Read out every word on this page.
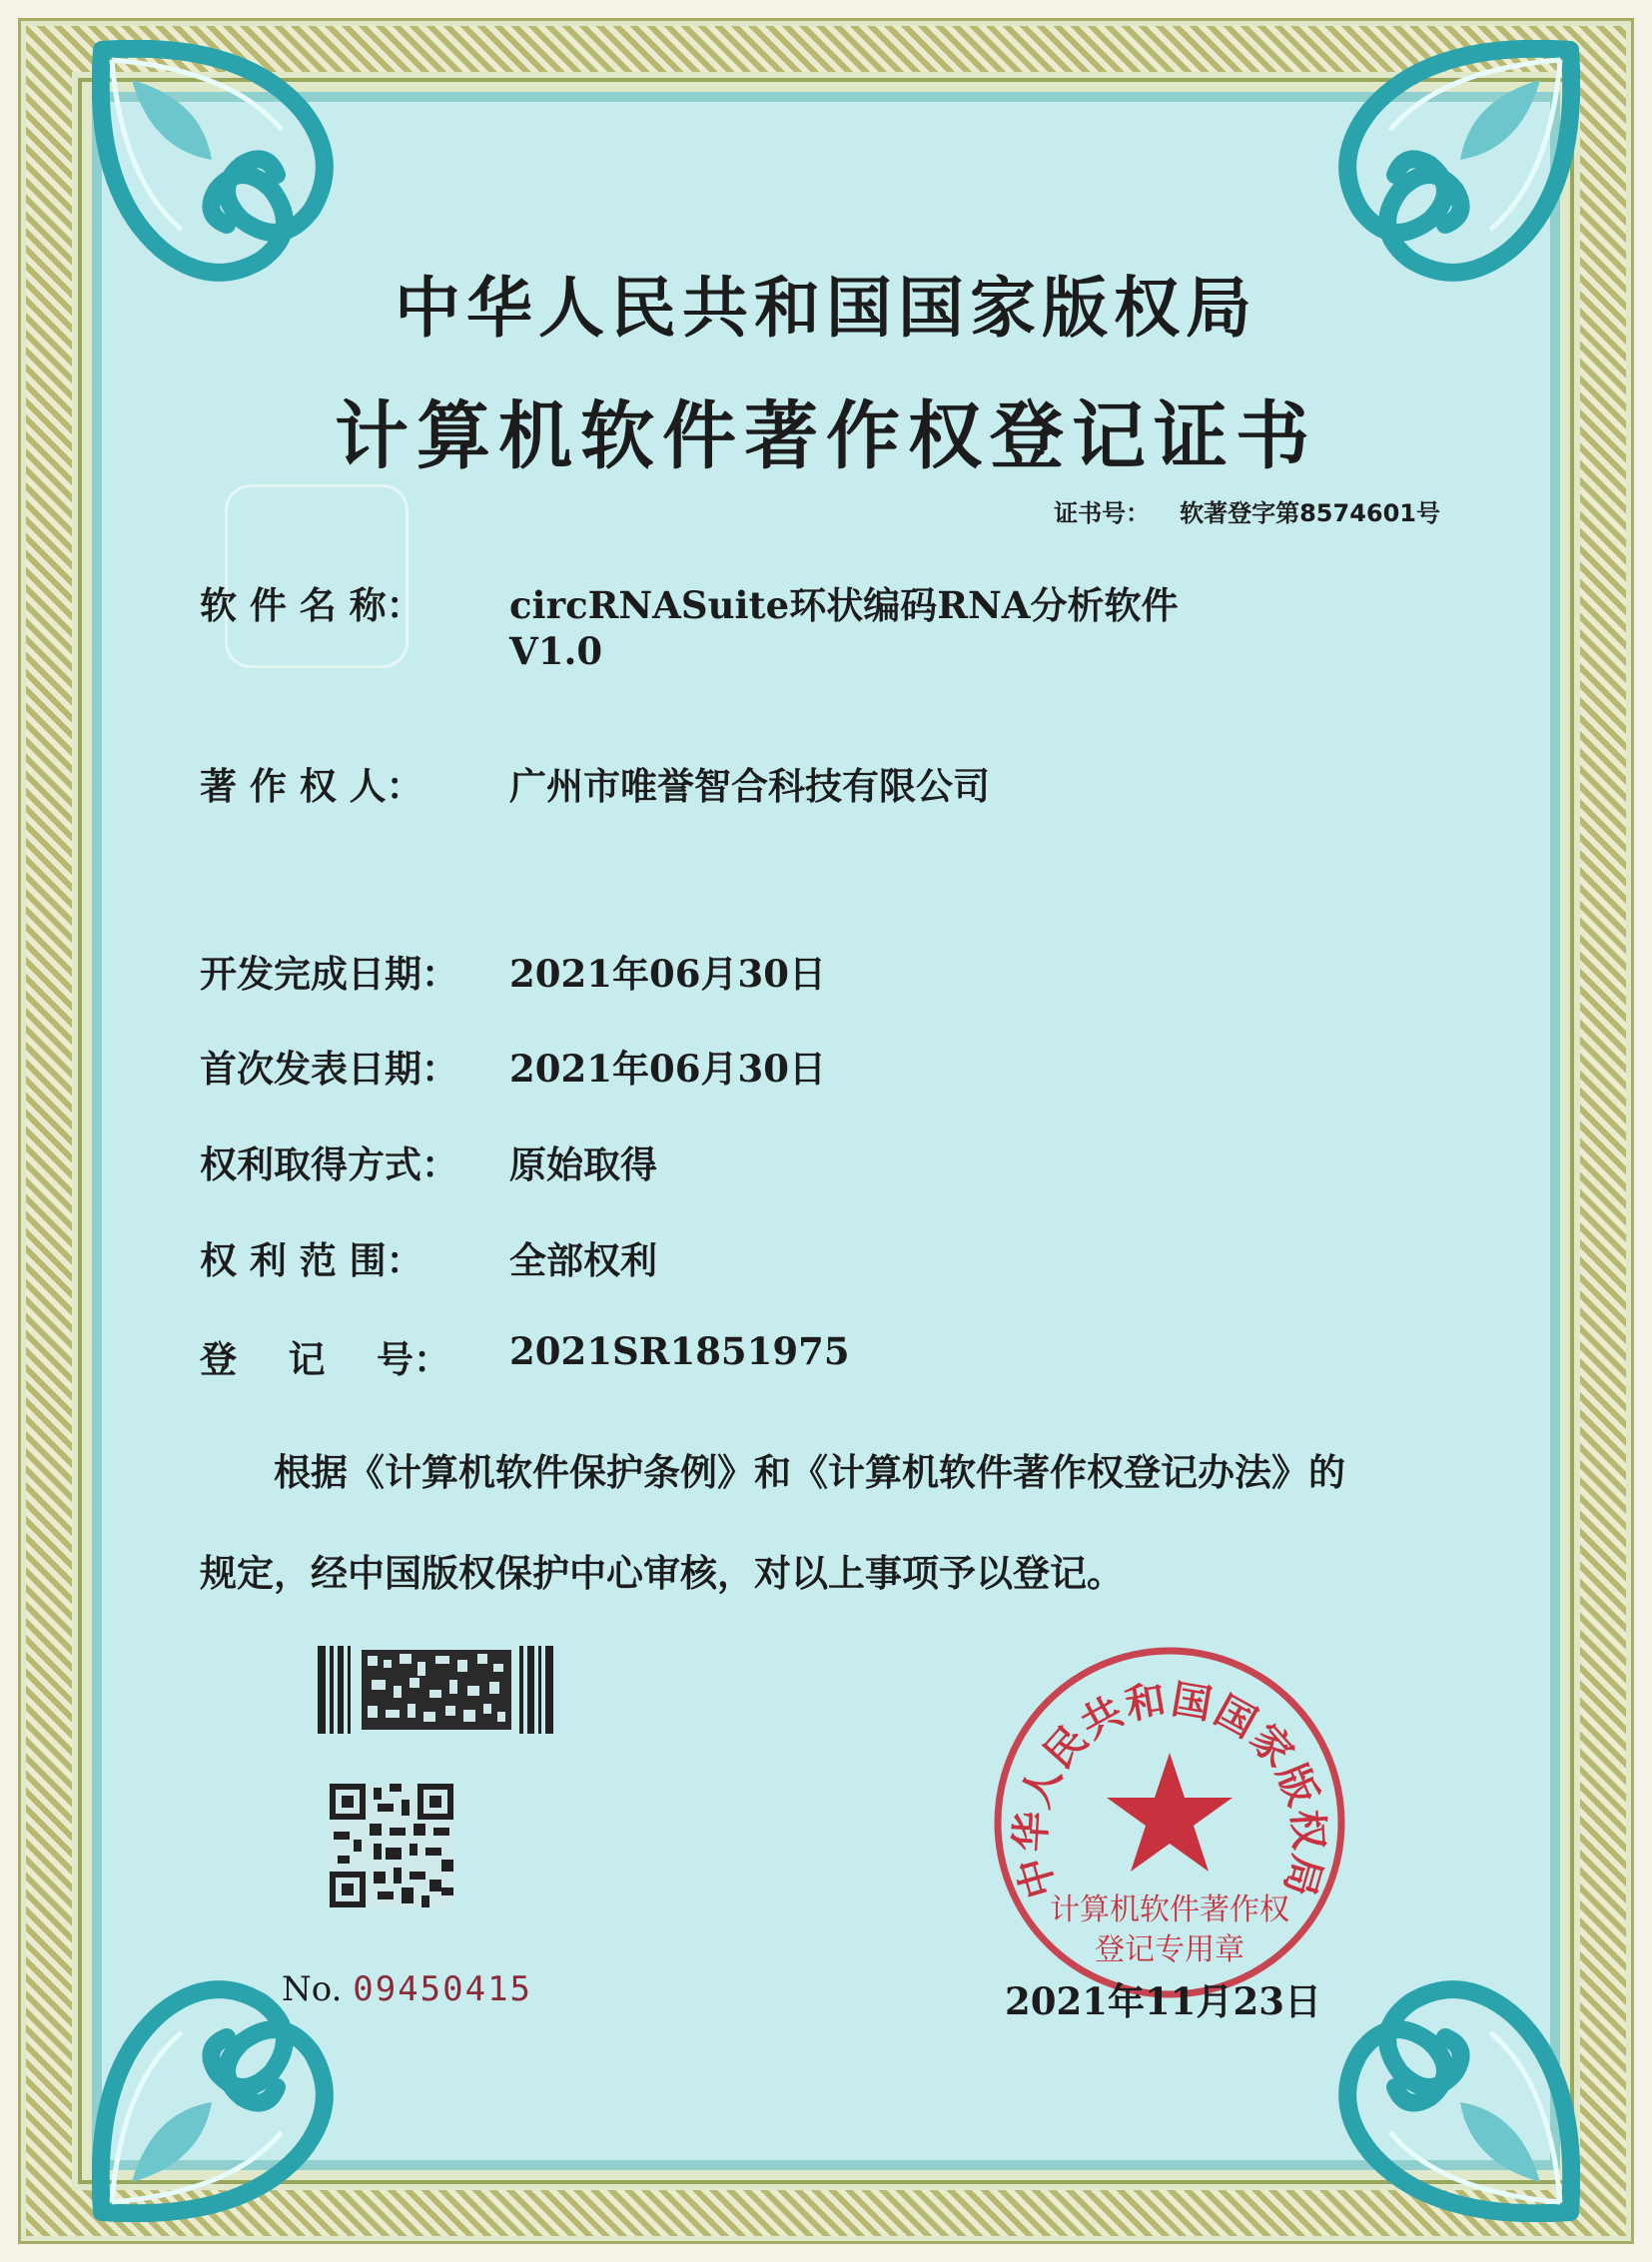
中华人民共和国国家版权局
计算机软件著作权登记证书
证书号： 软著登字第8574601号
软 件 名 称： circRNASuite环状编码RNA分析软件
V1.0
著 作 权 人： 广州市唯誉智合科技有限公司
开发完成日期： 2021年06月30日
首次发表日期： 2021年06月30日
权利取得方式： 原始取得
权 利 范 围： 全部权利
登    记    号： 2021SR1851975
根据《计算机软件保护条例》和《计算机软件著作权登记办法》的
规定，经中国版权保护中心审核，对以上事项予以登记。
No. 09450415
中华人民共和国国家版权局
计算机软件著作权
登记专用章
2021年11月23日
